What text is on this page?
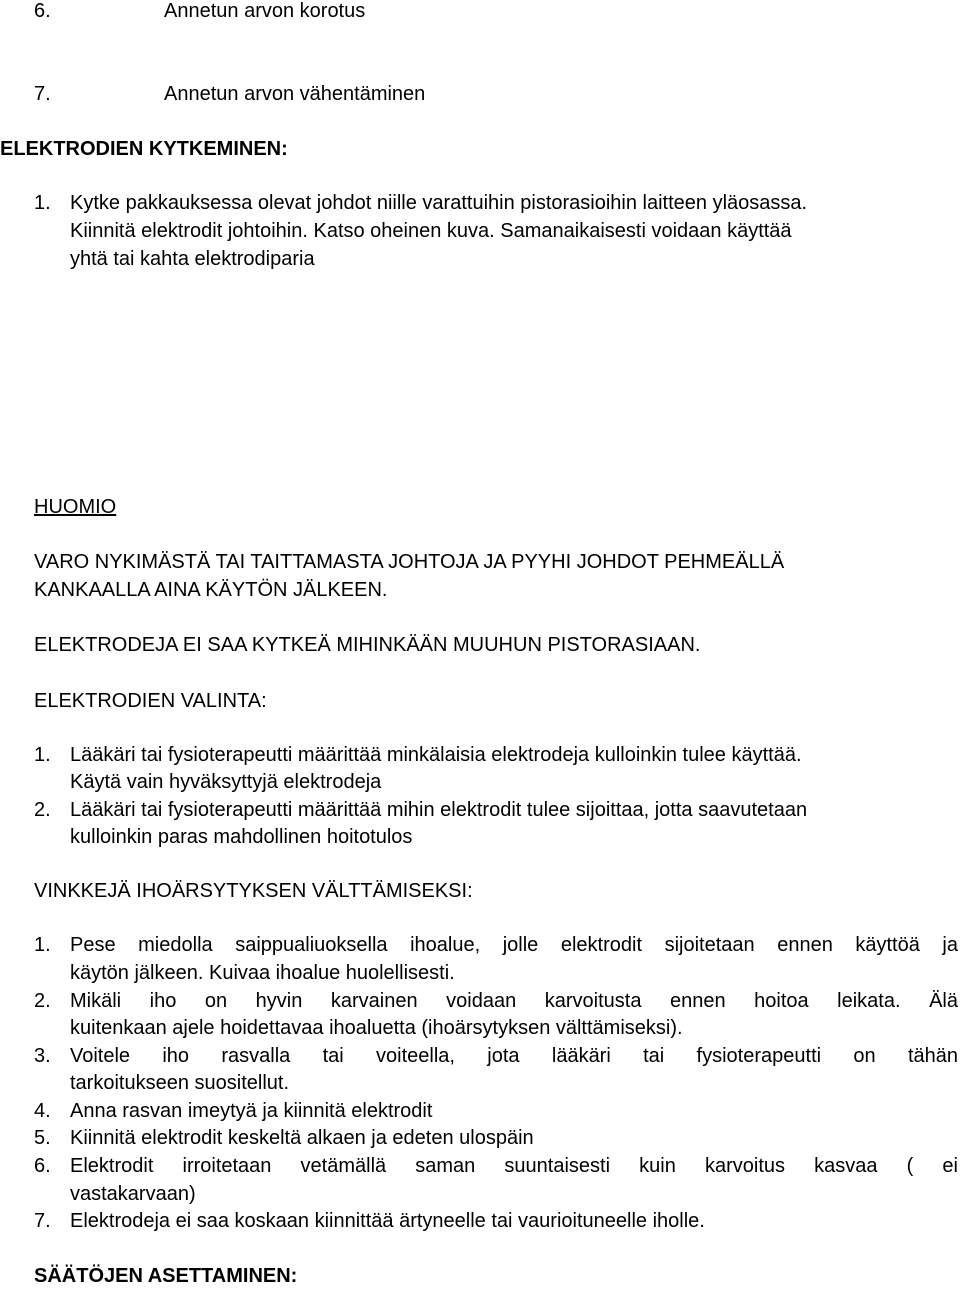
6.	Annetun arvon korotus
7.	Annetun arvon vähentäminen
ELEKTRODIEN KYTKEMINEN:
1. Kytke pakkauksessa olevat johdot niille varattuihin pistorasioihin laitteen yläosassa.
Kiinnitä elektrodit johtoihin. Katso oheinen kuva. Samanaikaisesti voidaan käyttää
yhtä tai kahta elektrodiparia
HUOMIO
VARO NYKIMÄSTÄ TAI TAITTAMASTA JOHTOJA JA PYYHI JOHDOT PEHMEÄLLÄ
KANKAALLA AINA KÄYTÖN JÄLKEEN.
ELEKTRODEJA EI SAA KYTKEÄ MIHINKÄÄN MUUHUN PISTORASIAAN.
ELEKTRODIEN VALINTA:
1. Lääkäri tai fysioterapeutti määrittää minkälaisia elektrodeja kulloinkin tulee käyttää.
Käytä vain hyväksyttyjä elektrodeja
2. Lääkäri tai fysioterapeutti määrittää mihin elektrodit tulee sijoittaa, jotta saavutetaan
kulloinkin paras mahdollinen hoitotulos
VINKKEJÄ IHOÄRSYTYKSEN VÄLTTÄMISEKSI:
1. Pese miedolla saippualiuoksella ihoalue, jolle elektrodit sijoitetaan ennen käyttöä ja
käytön jälkeen. Kuivaa ihoalue huolellisesti.
2. Mikäli iho on hyvin karvainen voidaan karvoitusta ennen hoitoa leikata. Älä
kuitenkaan ajele hoidettavaa ihoaluetta (ihoärsytyksen välttämiseksi).
3. Voitele iho rasvalla tai voiteella, jota lääkäri tai fysioterapeutti on tähän
tarkoitukseen suositellut.
4. Anna rasvan imeytyä ja kiinnitä elektrodit
5. Kiinnitä elektrodit keskeltä alkaen ja edeten ulospäin
6. Elektrodit irroitetaan vetämällä saman suuntaisesti kuin karvoitus kasvaa ( ei
vastakarvaan)
7. Elektrodeja ei saa koskaan kiinnittää ärtyneelle tai vaurioituneelle iholle.
SÄÄTÖJEN ASETTAMINEN:
